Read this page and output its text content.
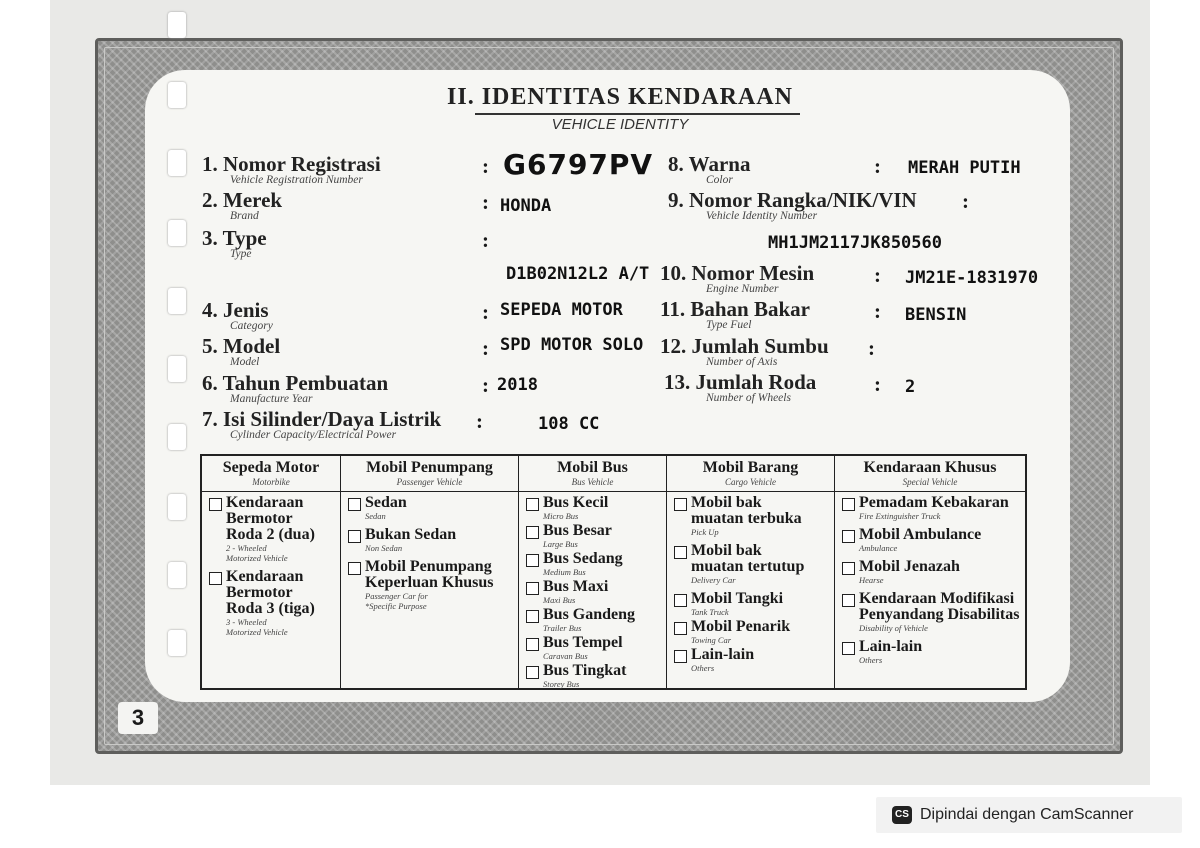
II. IDENTITAS KENDARAAN
VEHICLE IDENTITY
1. Nomor Registrasi
Vehicle Registration Number
: G6797PV
2. Merek
Brand
: HONDA
3. Type
Type
:
D1B02N12L2 A/T
4. Jenis
Category
: SEPEDA MOTOR
5. Model
Model
: SPD MOTOR SOLO
6. Tahun Pembuatan
Manufacture Year
: 2018
7. Isi Silinder/Daya Listrik
Cylinder Capacity/Electrical Power
:	108 CC
8. Warna
Color
: MERAH PUTIH
9. Nomor Rangka/NIK/VIN
Vehicle Identity Number
:
MH1JM2117JK850560
10. Nomor Mesin
Engine Number
: JM21E-1831970
11. Bahan Bakar
Type Fuel
: BENSIN
12. Jumlah Sumbu
Number of Axis
:
13. Jumlah Roda
Number of Wheels
: 2
Sepeda Motor
Motorbike
Kendaraan
Bermotor
Roda 2 (dua)
2 - Wheeled
Motorized Vehicle
Kendaraan
Bermotor
Roda 3 (tiga)
3 - Wheeled
Motorized Vehicle
Mobil Penumpang
Passenger Vehicle
Sedan
Sedan
Bukan Sedan
Non Sedan
Mobil Penumpang
Keperluan Khusus
Passenger Car for
*Specific Purpose
Mobil Bus
Bus Vehicle
Bus Kecil
Micro Bus
Bus Besar
Large Bus
Bus Sedang
Medium Bus
Bus Maxi
Maxi Bus
Bus Gandeng
Trailer Bus
Bus Tempel
Caravan Bus
Bus Tingkat
Storey Bus
Mobil Barang
Cargo Vehicle
Mobil bak
muatan terbuka
Pick Up
Mobil bak
muatan tertutup
Delivery Car
Mobil Tangki
Tank Truck
Mobil Penarik
Towing Car
Lain-lain
Others
Kendaraan Khusus
Special Vehicle
Pemadam Kebakaran
Fire Extinguisher Truck
Mobil Ambulance
Ambulance
Mobil Jenazah
Hearse
Kendaraan Modifikasi
Penyandang Disabilitas
Disability of Vehicle
Lain-lain
Others
3
CS Dipindai dengan CamScanner
